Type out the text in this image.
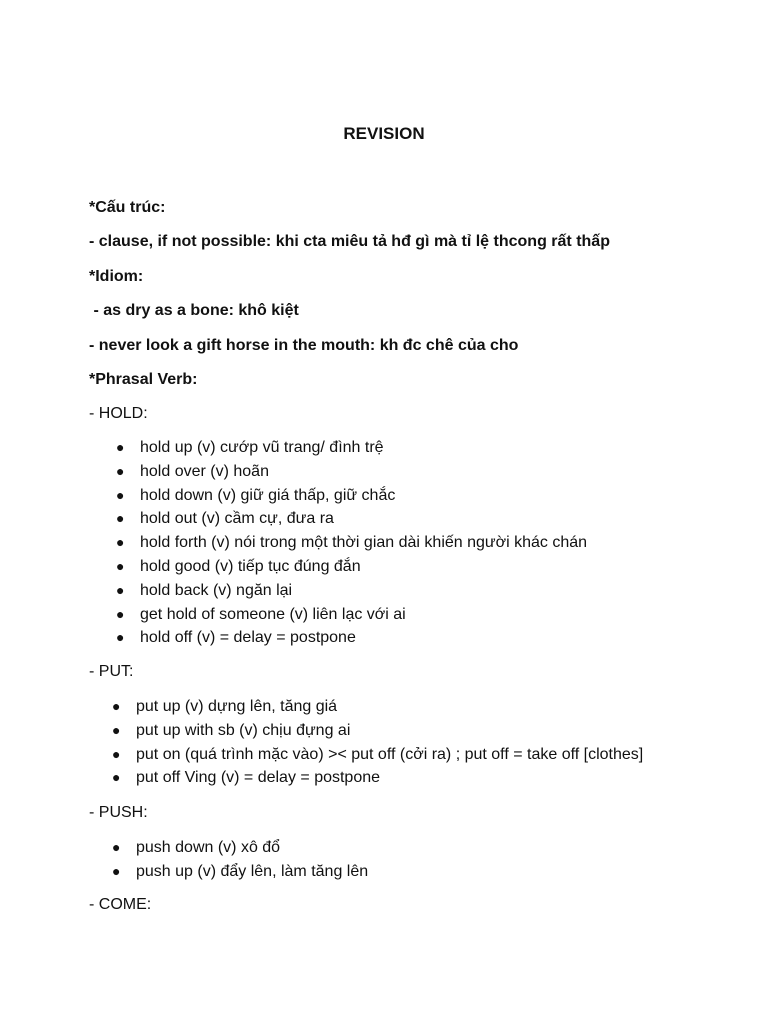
REVISION

*Cấu trúc:

- clause, if not possible: khi cta miêu tả hđ gì mà tỉ lệ thcong rất thấp

*Idiom:

- as dry as a bone: khô kiệt

- never look a gift horse in the mouth: kh đc chê của cho

*Phrasal Verb:

- HOLD:

● hold up (v) cướp vũ trang/ đình trệ
● hold over (v) hoãn
● hold down (v) giữ giá thấp, giữ chắc
● hold out (v) cầm cự, đưa ra
● hold forth (v) nói trong một thời gian dài khiến người khác chán
● hold good (v) tiếp tục đúng đắn
● hold back (v) ngăn lại
● get hold of someone (v) liên lạc với ai
● hold off (v) = delay = postpone

- PUT:

● put up (v) dựng lên, tăng giá
● put up with sb (v) chịu đựng ai
● put on (quá trình mặc vào) >< put off (cởi ra) ; put off = take off [clothes]
● put off Ving (v) = delay = postpone

- PUSH:

● push down (v) xô đổ
● push up (v) đẩy lên, làm tăng lên

- COME:
